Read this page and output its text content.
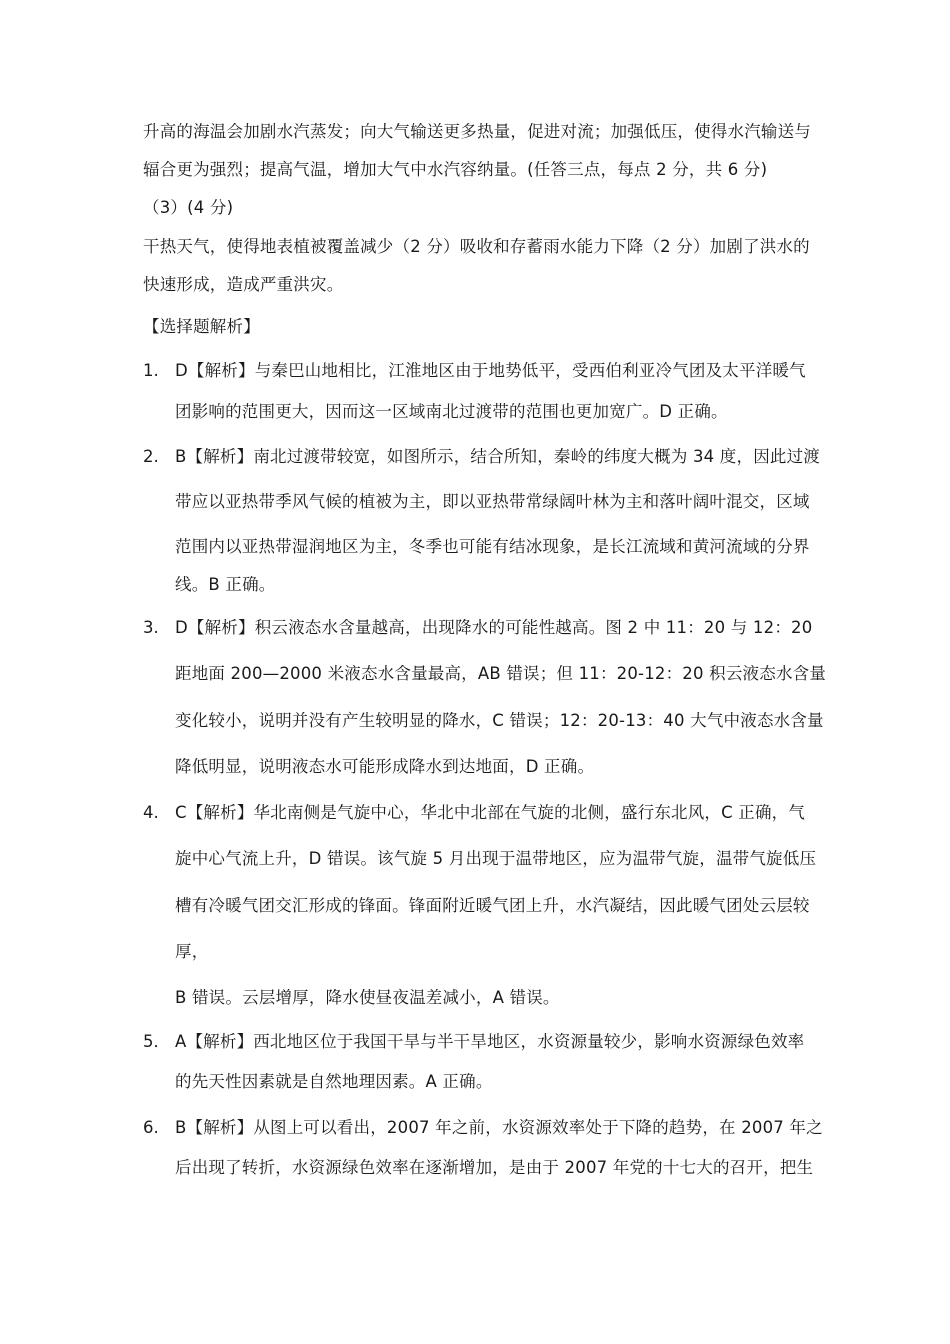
升高的海温会加剧水汽蒸发；向大气输送更多热量，促进对流；加强低压，使得水汽输送与
辐合更为强烈；提高气温，增加大气中水汽容纳量。(任答三点，每点 2 分，共 6 分)
（3）(4 分)
干热天气，使得地表植被覆盖减少（2 分）吸收和存蓄雨水能力下降（2 分）加剧了洪水的
快速形成，造成严重洪灾。
【选择题解析】
1. D【解析】与秦巴山地相比，江淮地区由于地势低平，受西伯利亚冷气团及太平洋暖气
团影响的范围更大，因而这一区域南北过渡带的范围也更加宽广。D 正确。
2. B【解析】南北过渡带较宽，如图所示，结合所知，秦岭的纬度大概为 34 度，因此过渡
带应以亚热带季风气候的植被为主，即以亚热带常绿阔叶林为主和落叶阔叶混交，区域
范围内以亚热带湿润地区为主，冬季也可能有结冰现象，是长江流域和黄河流域的分界
线。B 正确。
3. D【解析】积云液态水含量越高，出现降水的可能性越高。图 2 中 11：20 与 12：20
距地面 200—2000 米液态水含量最高，AB 错误；但 11：20-12：20 积云液态水含量
变化较小，说明并没有产生较明显的降水，C 错误；12：20-13：40 大气中液态水含量
降低明显，说明液态水可能形成降水到达地面，D 正确。
4. C【解析】华北南侧是气旋中心，华北中北部在气旋的北侧，盛行东北风，C 正确，气
旋中心气流上升，D 错误。该气旋 5 月出现于温带地区，应为温带气旋，温带气旋低压
槽有冷暖气团交汇形成的锋面。锋面附近暖气团上升，水汽凝结，因此暖气团处云层较
厚，
B 错误。云层增厚，降水使昼夜温差减小，A 错误。
5． A【解析】西北地区位于我国干旱与半干旱地区，水资源量较少，影响水资源绿色效率
的先天性因素就是自然地理因素。A 正确。
6. B【解析】从图上可以看出，2007 年之前，水资源效率处于下降的趋势，在 2007 年之
后出现了转折，水资源绿色效率在逐渐增加，是由于 2007 年党的十七大的召开，把生
